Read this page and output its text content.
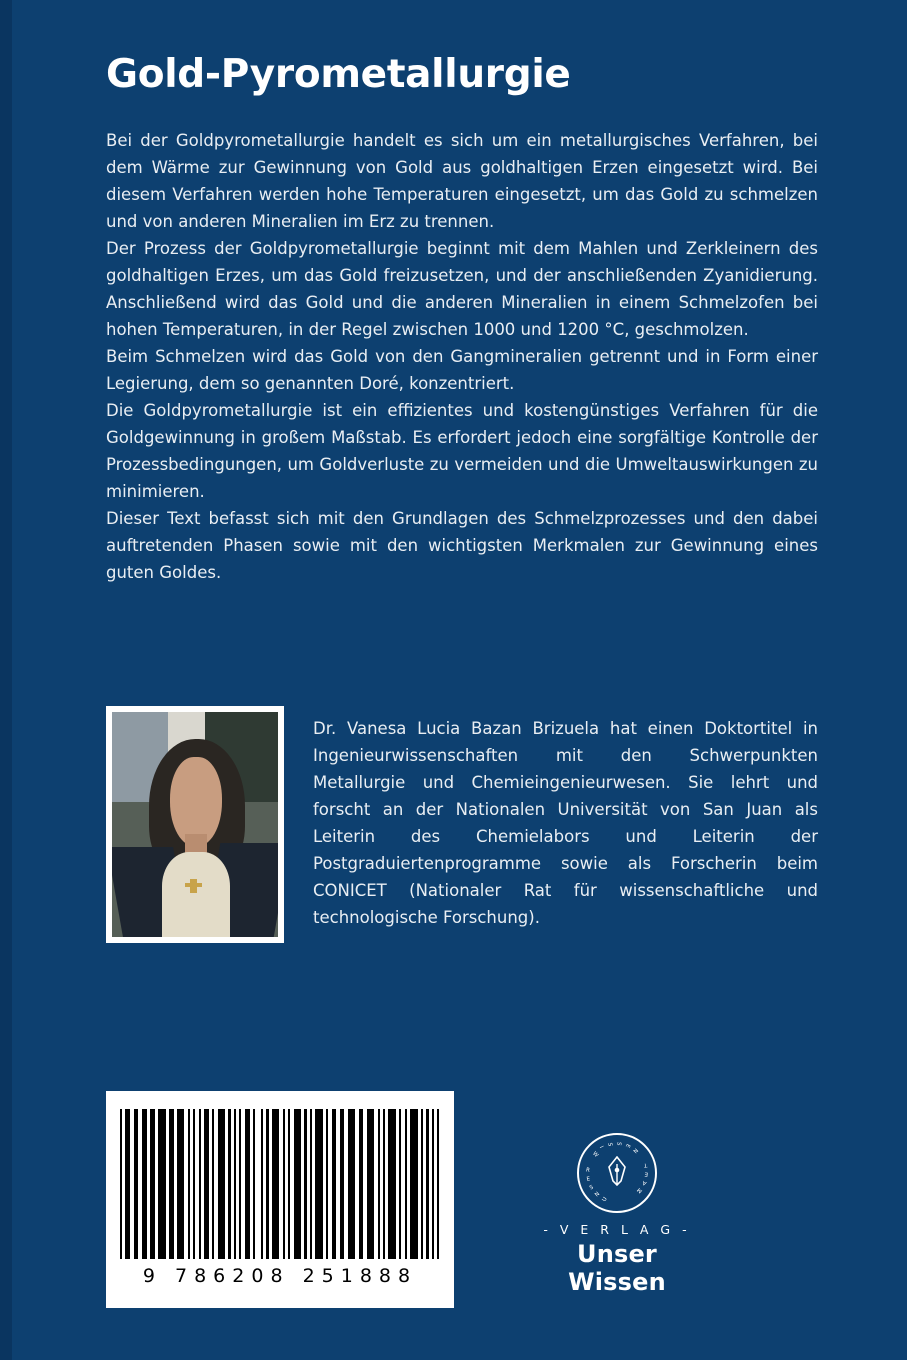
Gold-Pyrometallurgie

Bei der Goldpyrometallurgie handelt es sich um ein metallurgisches Verfahren, bei dem Wärme zur Gewinnung von Gold aus goldhaltigen Erzen eingesetzt wird. Bei diesem Verfahren werden hohe Temperaturen eingesetzt, um das Gold zu schmelzen und von anderen Mineralien im Erz zu trennen.

Der Prozess der Goldpyrometallurgie beginnt mit dem Mahlen und Zerkleinern des goldhaltigen Erzes, um das Gold freizusetzen, und der anschließenden Zyanidierung. Anschließend wird das Gold und die anderen Mineralien in einem Schmelzofen bei hohen Temperaturen, in der Regel zwischen 1000 und 1200 °C, geschmolzen.

Beim Schmelzen wird das Gold von den Gangmineralien getrennt und in Form einer Legierung, dem so genannten Doré, konzentriert.

Die Goldpyrometallurgie ist ein effizientes und kostengünstiges Verfahren für die Goldgewinnung in großem Maßstab. Es erfordert jedoch eine sorgfältige Kontrolle der Prozessbedingungen, um Goldverluste zu vermeiden und die Umweltauswirkungen zu minimieren.

Dieser Text befasst sich mit den Grundlagen des Schmelzprozesses und den dabei auftretenden Phasen sowie mit den wichtigsten Merkmalen zur Gewinnung eines guten Goldes.

Dr. Vanesa Lucia Bazan Brizuela hat einen Doktortitel in Ingenieurwissenschaften mit den Schwerpunkten Metallurgie und Chemieingenieurwesen. Sie lehrt und forscht an der Nationalen Universität von San Juan als Leiterin des Chemielabors und Leiterin der Postgraduiertenprogramme sowie als Forscherin beim CONICET (Nationaler Rat für wissenschaftliche und technologische Forschung).
9 786208 251888
U
N
S
E
R

W
I
S S E
N

T
E
A
M
- V E R L A G -
Unser Wissen
